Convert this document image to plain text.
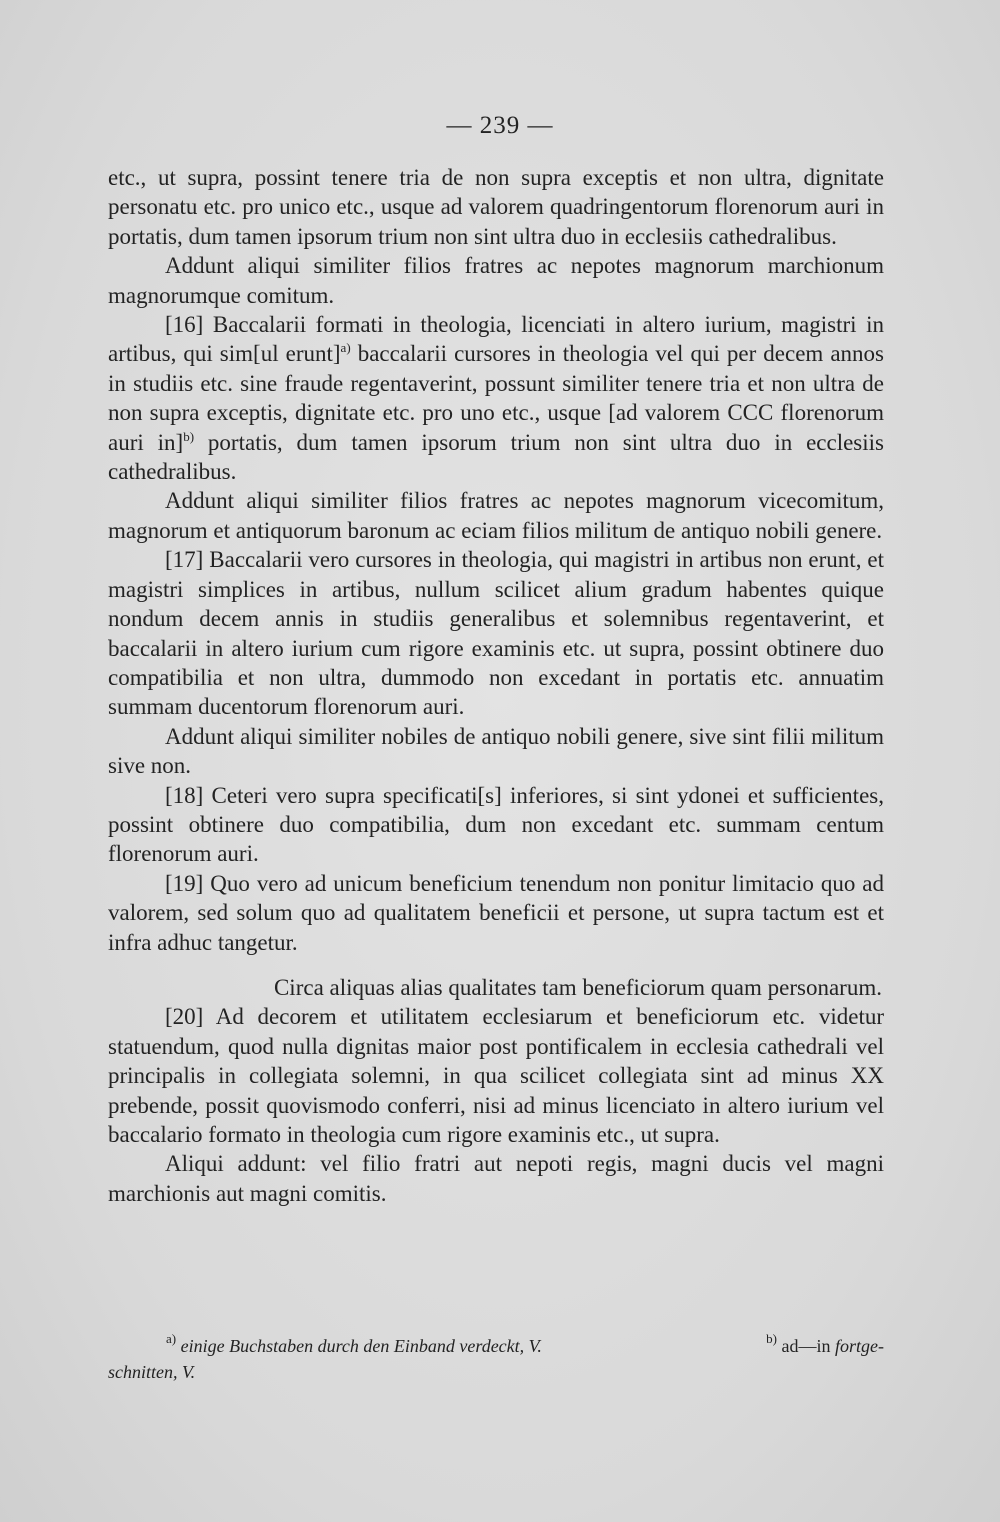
— 239 —

etc., ut supra, possint tenere tria de non supra exceptis et non ultra, dignitate personatu etc. pro unico etc., usque ad valorem quadringentorum florenorum auri in portatis, dum tamen ipsorum trium non sint ultra duo in ecclesiis cathedralibus.

Addunt aliqui similiter filios fratres ac nepotes magnorum marchionum magnorumque comitum.

[16] Baccalarii formati in theologia, licenciati in altero iurium, magistri in artibus, qui sim[ul erunt]$^{a)}$ baccalarii cursores in theologia vel qui per decem annos in studiis etc. sine fraude regentaverint, possunt similiter tenere tria et non ultra de non supra exceptis, dignitate etc. pro uno etc., usque [ad valorem CCC florenorum auri in]$^{b)}$ portatis, dum tamen ipsorum trium non sint ultra duo in ecclesiis cathedralibus.

Addunt aliqui similiter filios fratres ac nepotes magnorum vicecomitum, magnorum et antiquorum baronum ac eciam filios militum de antiquo nobili genere.

[17] Baccalarii vero cursores in theologia, qui magistri in artibus non erunt, et magistri simplices in artibus, nullum scilicet alium gradum habentes quique nondum decem annis in studiis generalibus et solemnibus regentaverint, et baccalarii in altero iurium cum rigore examinis etc. ut supra, possint obtinere duo compatibilia et non ultra, dummodo non excedant in portatis etc. annuatim summam ducentorum florenorum auri.

Addunt aliqui similiter nobiles de antiquo nobili genere, sive sint filii militum sive non.

[18] Ceteri vero supra specificati[s] inferiores, si sint ydonei et sufficientes, possint obtinere duo compatibilia, dum non excedant etc. summam centum florenorum auri.

[19] Quo vero ad unicum beneficium tenendum non ponitur limitacio quo ad valorem, sed solum quo ad qualitatem beneficii et persone, ut supra tactum est et infra adhuc tangetur.

Circa aliquas alias qualitates tam beneficiorum quam personarum.

[20] Ad decorem et utilitatem ecclesiarum et beneficiorum etc. videtur statuendum, quod nulla dignitas maior post pontificalem in ecclesia cathedrali vel principalis in collegiata solemni, in qua scilicet collegiata sint ad minus XX prebende, possit quovismodo conferri, nisi ad minus licenciato in altero iurium vel baccalario formato in theologia cum rigore examinis etc., ut supra.

Aliqui addunt: vel filio fratri aut nepoti regis, magni ducis vel magni marchionis aut magni comitis.

$^{a)}$ einige Buchstaben durch den Einband verdeckt, V.	$^{b)}$ ad—in fortge-
schnitten, V.
